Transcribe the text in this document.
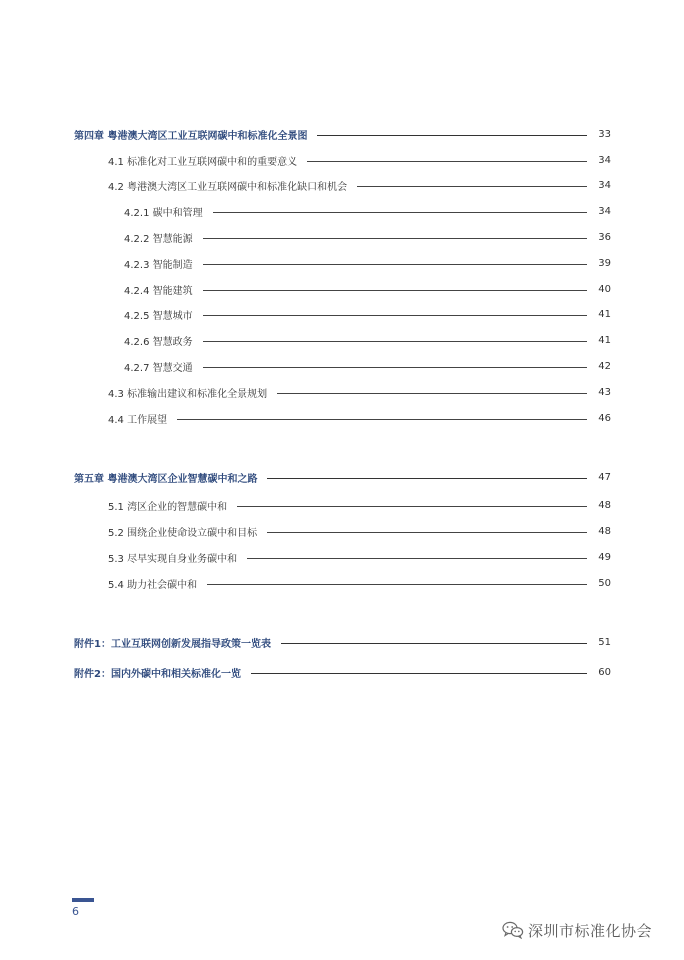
第四章 粤港澳大湾区工业互联网碳中和标准化全景图	33
4.1 标准化对工业互联网碳中和的重要意义	34
4.2 粤港澳大湾区工业互联网碳中和标准化缺口和机会	34
4.2.1 碳中和管理	34
4.2.2 智慧能源	36
4.2.3 智能制造	39
4.2.4 智能建筑	40
4.2.5 智慧城市	41
4.2.6 智慧政务	41
4.2.7 智慧交通	42
4.3 标准输出建议和标准化全景规划	43
4.4 工作展望	46
第五章 粤港澳大湾区企业智慧碳中和之路	47
5.1 湾区企业的智慧碳中和	48
5.2 围绕企业使命设立碳中和目标	48
5.3 尽早实现自身业务碳中和	49
5.4 助力社会碳中和	50
附件1：工业互联网创新发展指导政策一览表	51
附件2：国内外碳中和相关标准化一览	60
6
深圳市标准化协会
